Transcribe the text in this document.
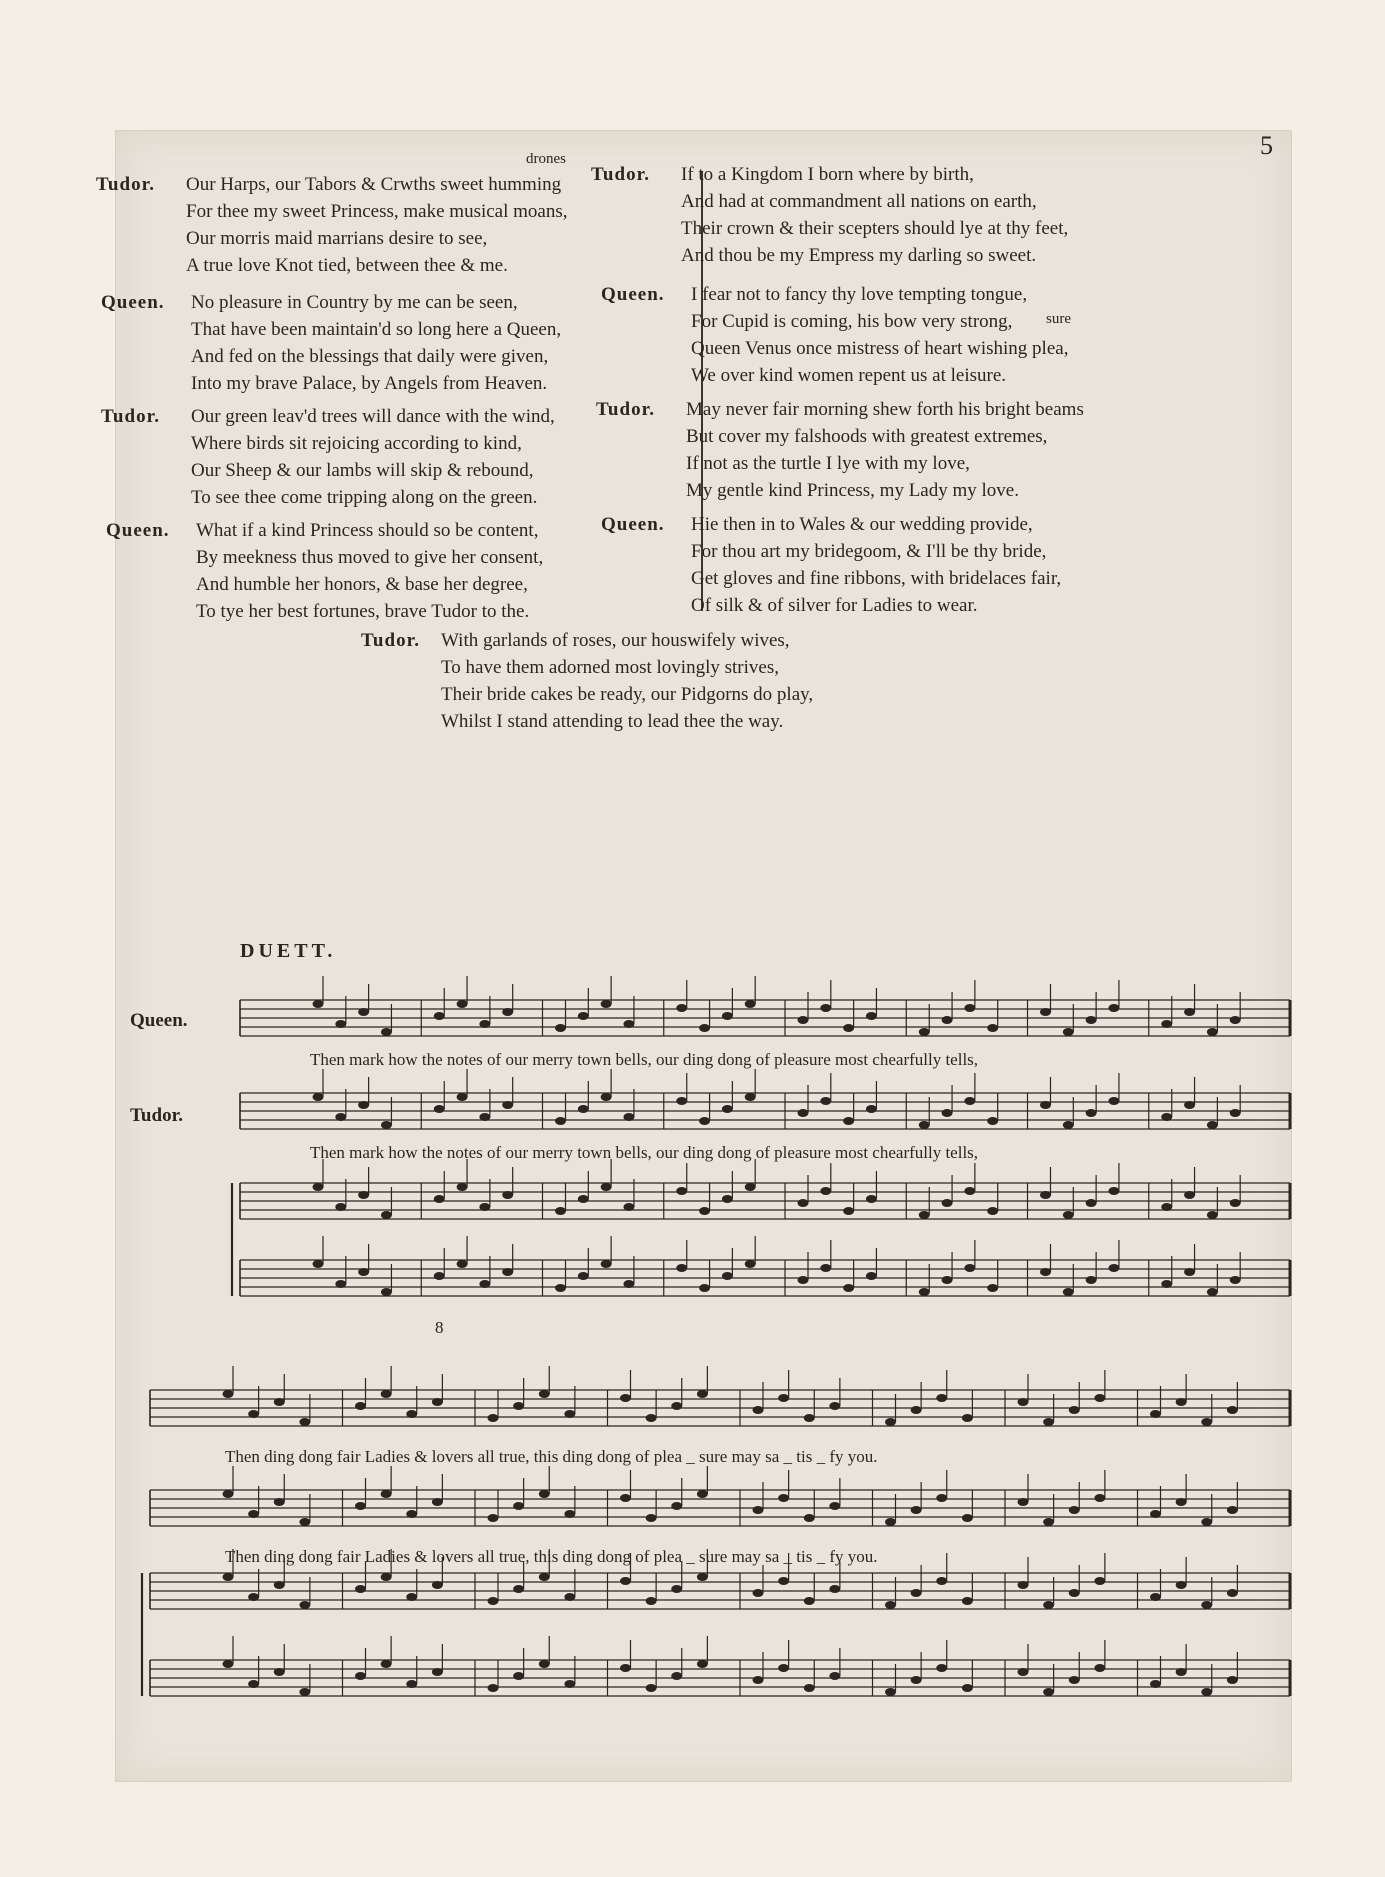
5
drones
Tudor. Our Harps, our Tabors & Crwths sweet humming
For thee my sweet Princess, make musical moans,
Our morris maid marrians desire to see,
A true love Knot tied, between thee & me.
Queen. No pleasure in Country by me can be seen,
That have been maintain'd so long here a Queen,
And fed on the blessings that daily were given,
Into my brave Palace, by Angels from Heaven.
Tudor. Our green leav'd trees will dance with the wind,
Where birds sit rejoicing according to kind,
Our Sheep & our lambs will skip & rebound,
To see thee come tripping along on the green.
Queen. What if a kind Princess should so be content,
By meekness thus moved to give her consent,
And humble her honors, & base her degree,
To tye her best fortunes, brave Tudor to the.
Tudor. If to a Kingdom I born where by birth,
And had at commandment all nations on earth,
Their crown & their scepters should lye at thy feet,
And thou be my Empress my darling so sweet.
sure
Queen. I fear not to fancy thy love tempting tongue,
For Cupid is coming, his bow very strong,
Queen Venus once mistress of heart wishing plea,
We over kind women repent us at leisure.
Tudor. May never fair morning shew forth his bright beams
But cover my falshoods with greatest extremes,
If not as the turtle I lye with my love,
My gentle kind Princess, my Lady my love.
Queen. Hie then in to Wales & our wedding provide,
For thou art my bridegoom, & I'll be thy bride,
Get gloves and fine ribbons, with bridelaces fair,
Of silk & of silver for Ladies to wear.
Tudor. With garlands of roses, our houswifely wives,
To have them adorned most lovingly strives,
Their bride cakes be ready, our Pidgorns do play,
Whilst I stand attending to lead thee the way.
DUETT.
Queen.
Tudor.
Then mark how the notes of our merry town bells, our ding dong of pleasure most chearfully tells,
Then mark how the notes of our merry town bells, our ding dong of pleasure most chearfully tells,
Then ding dong fair Ladies & lovers all true, this ding dong of plea _ sure may sa _ tis _ fy you.
Then ding dong fair Ladies & lovers all true, this ding dong of plea _ sure may sa _ tis _ fy you.
8
